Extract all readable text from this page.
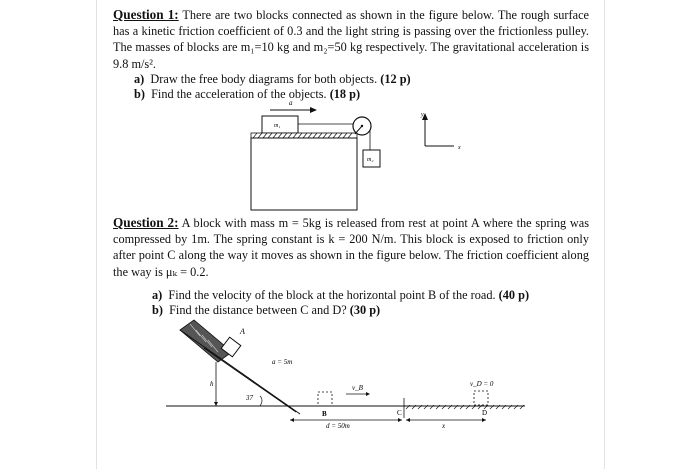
Question 1: There are two blocks connected as shown in the figure below. The rough surface has a kinetic friction coefficient of 0.3 and the light string is passing over the frictionless pulley. The masses of blocks are m₁=10 kg and m₂=50 kg respectively. The gravitational acceleration is 9.8 m/s².
a) Draw the free body diagrams for both objects. (12 p)
b) Find the acceleration of the objects. (18 p)
a
m₁
m₂
y
x
Question 2: A block with mass m = 5kg is released from rest at point A where the spring was compressed by 1m. The spring constant is k = 200 N/m. This block is exposed to friction only after point C along the way it moves as shown in the figure below. The friction coefficient along the way is μₖ = 0.2.
a) Find the velocity of the block at the horizontal point B of the road. (40 p)
b) Find the distance between C and D? (30 p)
A
a = 5m
h
37
v_B
B	C
v_D = 0
D
d = 50m	x
